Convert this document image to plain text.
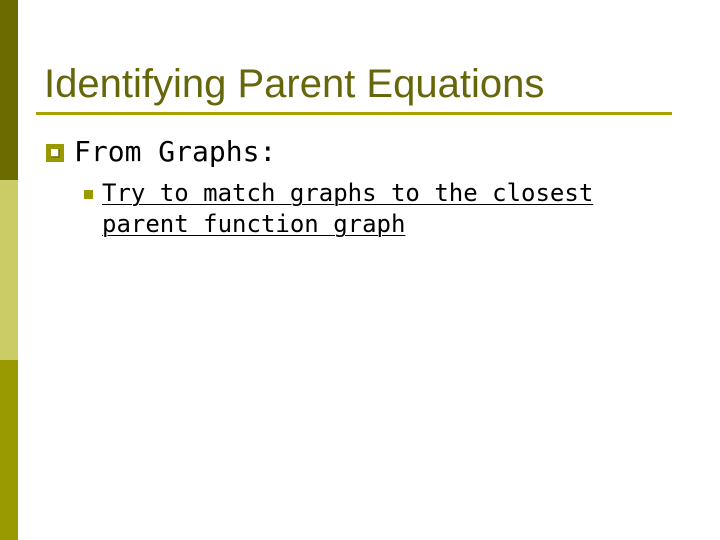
Identifying Parent Equations
From Graphs:
Try to match graphs to the closest
parent function graph
